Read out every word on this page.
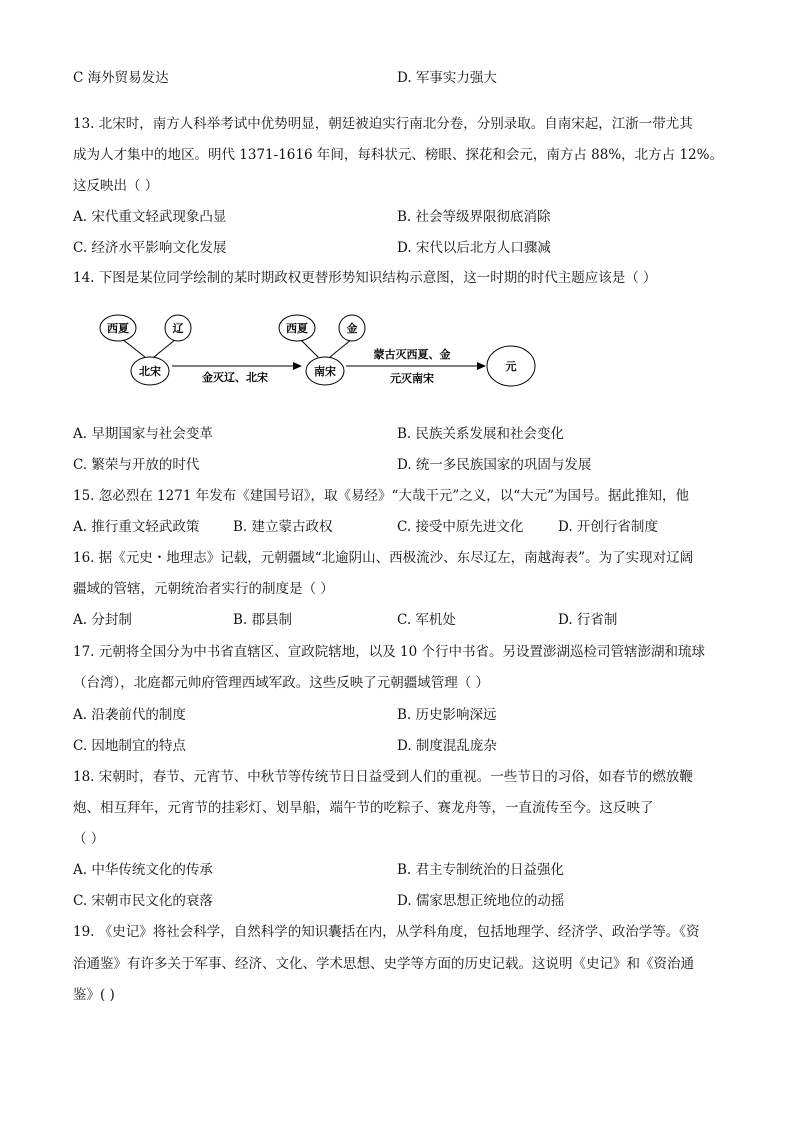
C 海外贸易发达	D. 军事实力强大
13. 北宋时，南方人科举考试中优势明显，朝廷被迫实行南北分卷，分别录取。自南宋起，江浙一带尤其
成为人才集中的地区。明代 1371-1616 年间，每科状元、榜眼、探花和会元，南方占 88%，北方占 12%。
这反映出（ ）
A. 宋代重文轻武现象凸显	B. 社会等级界限彻底消除
C. 经济水平影响文化发展	D. 宋代以后北方人口骤减
14. 下图是某位同学绘制的某时期政权更替形势知识结构示意图，这一时期的时代主题应该是（ ）
西夏	辽
北宋
西夏	金
南宋	元
金灭辽、北宋
蒙古灭西夏、金
元灭南宋
A. 早期国家与社会变革	B. 民族关系发展和社会变化
C. 繁荣与开放的时代	D. 统一多民族国家的巩固与发展
15. 忽必烈在 1271 年发布《建国号诏》，取《易经》“大哉干元”之义，以“大元”为国号。据此推知，他
A. 推行重文轻武政策 B. 建立蒙古政权	C. 接受中原先进文化	D. 开创行省制度
16. 据《元史・地理志》记载，元朝疆域“北逾阴山、西极流沙、东尽辽左，南越海表”。为了实现对辽阔
疆域的管辖，元朝统治者实行的制度是（ ）
A. 分封制	B. 郡县制	C. 军机处	D. 行省制
17. 元朝将全国分为中书省直辖区、宣政院辖地，以及 10 个行中书省。另设置澎湖巡检司管辖澎湖和琉球
（台湾），北庭都元帅府管理西域军政。这些反映了元朝疆域管理（ ）
A. 沿袭前代的制度	B. 历史影响深远
C. 因地制宜的特点	D. 制度混乱庞杂
18. 宋朝时，春节、元宵节、中秋节等传统节日日益受到人们的重视。一些节日的习俗，如春节的燃放鞭
炮、相互拜年，元宵节的挂彩灯、划旱船，端午节的吃粽子、赛龙舟等，一直流传至今。这反映了
（ ）
A. 中华传统文化的传承	B. 君主专制统治的日益强化
C. 宋朝市民文化的衰落	D. 儒家思想正统地位的动摇
19. 《史记》将社会科学，自然科学的知识囊括在内，从学科角度，包括地理学、经济学、政治学等。《资
治通鉴》有许多关于军事、经济、文化、学术思想、史学等方面的历史记载。这说明《史记》和《资治通
鉴》( )
